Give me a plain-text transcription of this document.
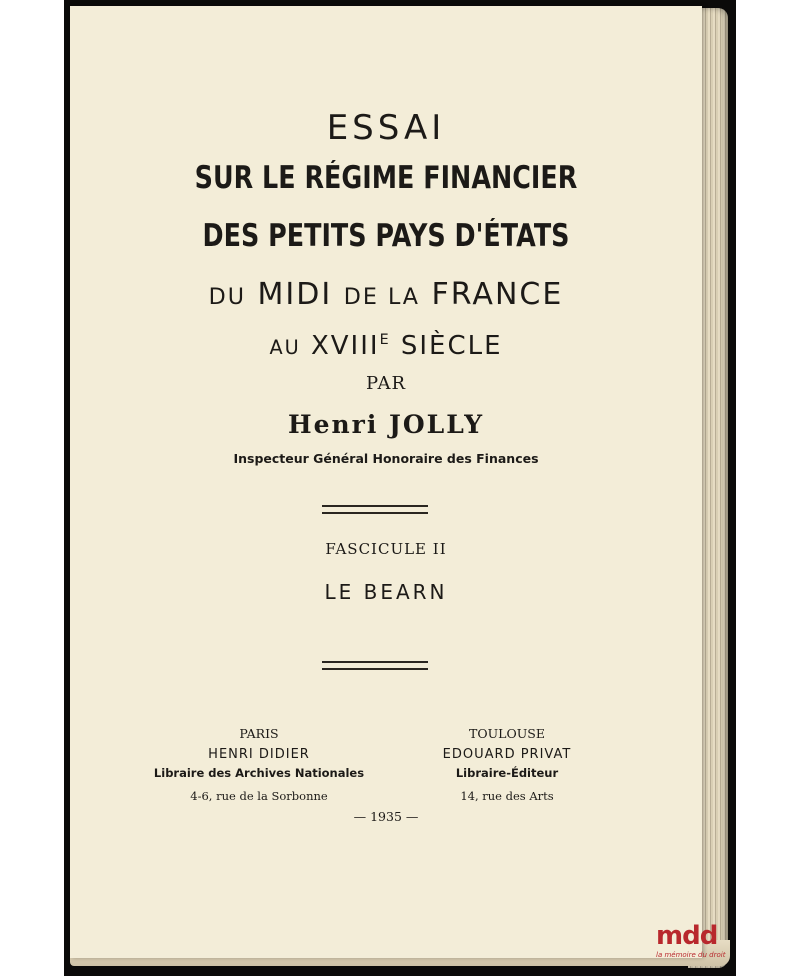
ESSAI
SUR LE RÉGIME FINANCIER
DES PETITS PAYS D'ÉTATS
DU MIDI DE LA FRANCE
AU $XVIII^E$ SIÈCLE
PAR
Henri JOLLY
Inspecteur Général Honoraire des Finances
FASCICULE II
LE BEARN
PARIS
HENRI DIDIER
Libraire des Archives Nationales
4-6, rue de la Sorbonne
TOULOUSE
EDOUARD PRIVAT
Libraire-Éditeur
14, rue des Arts
— 1935 —
mdd
la mémoire du droit
